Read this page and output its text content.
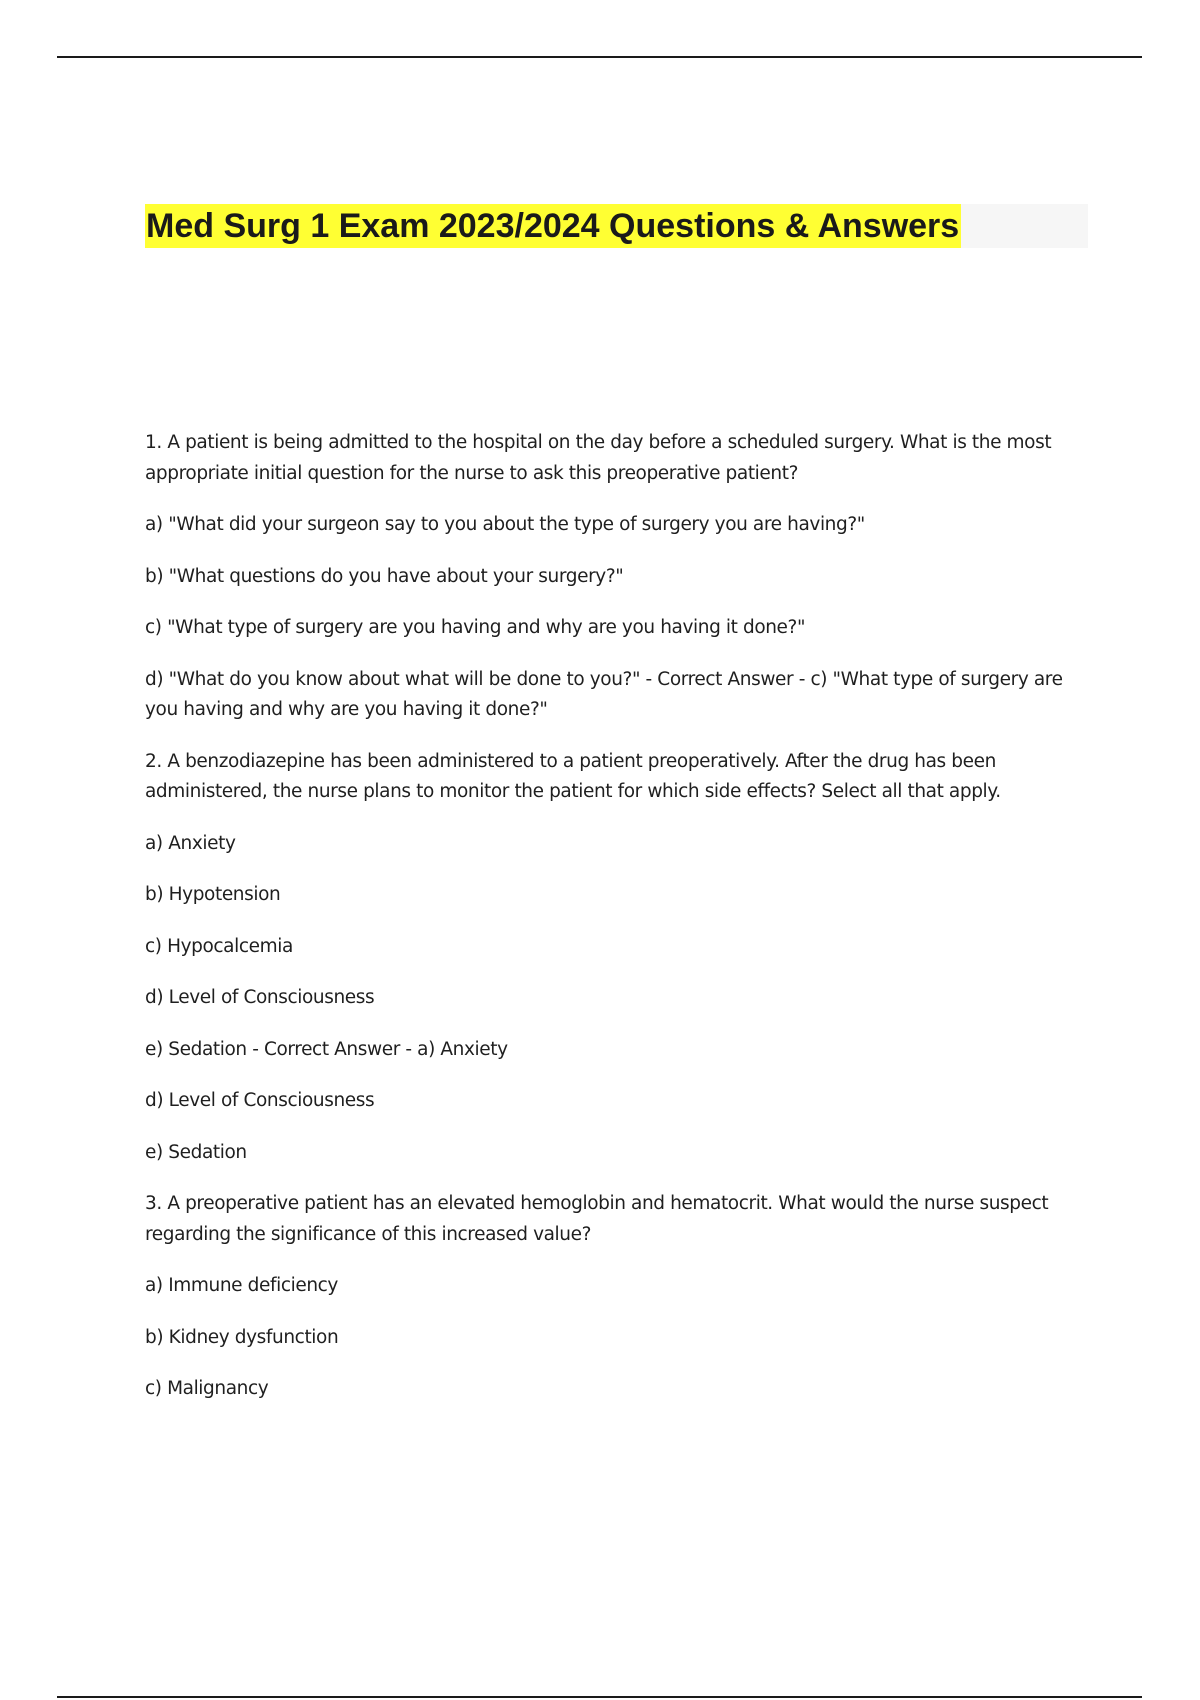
Med Surg 1 Exam 2023/2024 Questions & Answers

1. A patient is being admitted to the hospital on the day before a scheduled surgery. What is the most appropriate initial question for the nurse to ask this preoperative patient?

a) "What did your surgeon say to you about the type of surgery you are having?"

b) "What questions do you have about your surgery?"

c) "What type of surgery are you having and why are you having it done?"

d) "What do you know about what will be done to you?" - Correct Answer - c) "What type of surgery are you having and why are you having it done?"

2. A benzodiazepine has been administered to a patient preoperatively. After the drug has been administered, the nurse plans to monitor the patient for which side effects? Select all that apply.

a) Anxiety

b) Hypotension

c) Hypocalcemia

d) Level of Consciousness

e) Sedation - Correct Answer - a) Anxiety

d) Level of Consciousness

e) Sedation

3. A preoperative patient has an elevated hemoglobin and hematocrit. What would the nurse suspect regarding the significance of this increased value?

a) Immune deficiency

b) Kidney dysfunction

c) Malignancy
